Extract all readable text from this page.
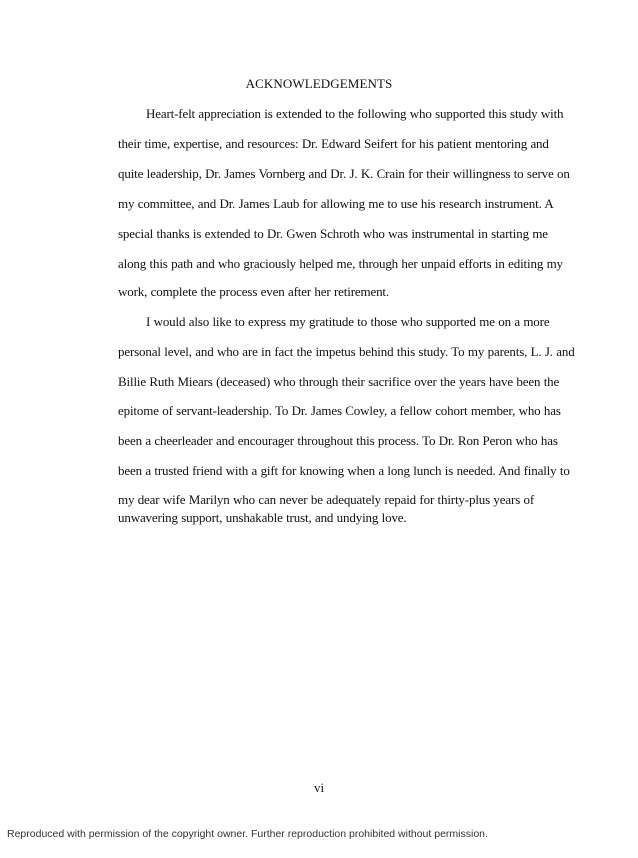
ACKNOWLEDGEMENTS
Heart-felt appreciation is extended to the following who supported this study with
their time, expertise, and resources: Dr. Edward Seifert for his patient mentoring and
quite leadership, Dr. James Vornberg and Dr. J. K. Crain for their willingness to serve on
my committee, and Dr. James Laub for allowing me to use his research instrument. A
special thanks is extended to Dr. Gwen Schroth who was instrumental in starting me
along this path and who graciously helped me, through her unpaid efforts in editing my
work, complete the process even after her retirement.
I would also like to express my gratitude to those who supported me on a more
personal level, and who are in fact the impetus behind this study. To my parents, L. J. and
Billie Ruth Miears (deceased) who through their sacrifice over the years have been the
epitome of servant-leadership. To Dr. James Cowley, a fellow cohort member, who has
been a cheerleader and encourager throughout this process. To Dr. Ron Peron who has
been a trusted friend with a gift for knowing when a long lunch is needed. And finally to
my dear wife Marilyn who can never be adequately repaid for thirty-plus years of
unwavering support, unshakable trust, and undying love.
vi
Reproduced with permission of the copyright owner. Further reproduction prohibited without permission.
